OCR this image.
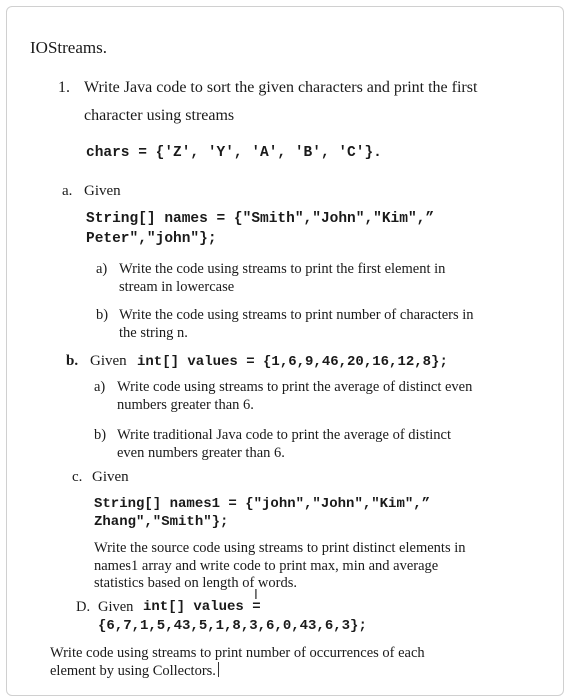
IOStreams.
1. Write Java code to sort the given characters and print the first
character using streams
chars = {'Z', 'Y', 'A', 'B', 'C'}.
a. Given
String[] names = {"Smith","John","Kim",”
Peter","john"};
a) Write the code using streams to print the first element in
stream in lowercase
b) Write the code using streams to print number of characters in
the string n.
b. Given int[] values = {1,6,9,46,20,16,12,8};
a) Write code using streams to print the average of distinct even
numbers greater than 6.
b) Write traditional Java code to print the average of distinct
even numbers greater than 6.
c. Given
String[] names1 = {"john","John","Kim",”
Zhang","Smith"};
Write the source code using streams to print distinct elements in
names1 array and write code to print max, min and average
statistics based on length of words.
I
D. Given int[] values =
{6,7,1,5,43,5,1,8,3,6,0,43,6,3};
Write code using streams to print number of occurrences of each
element by using Collectors.
